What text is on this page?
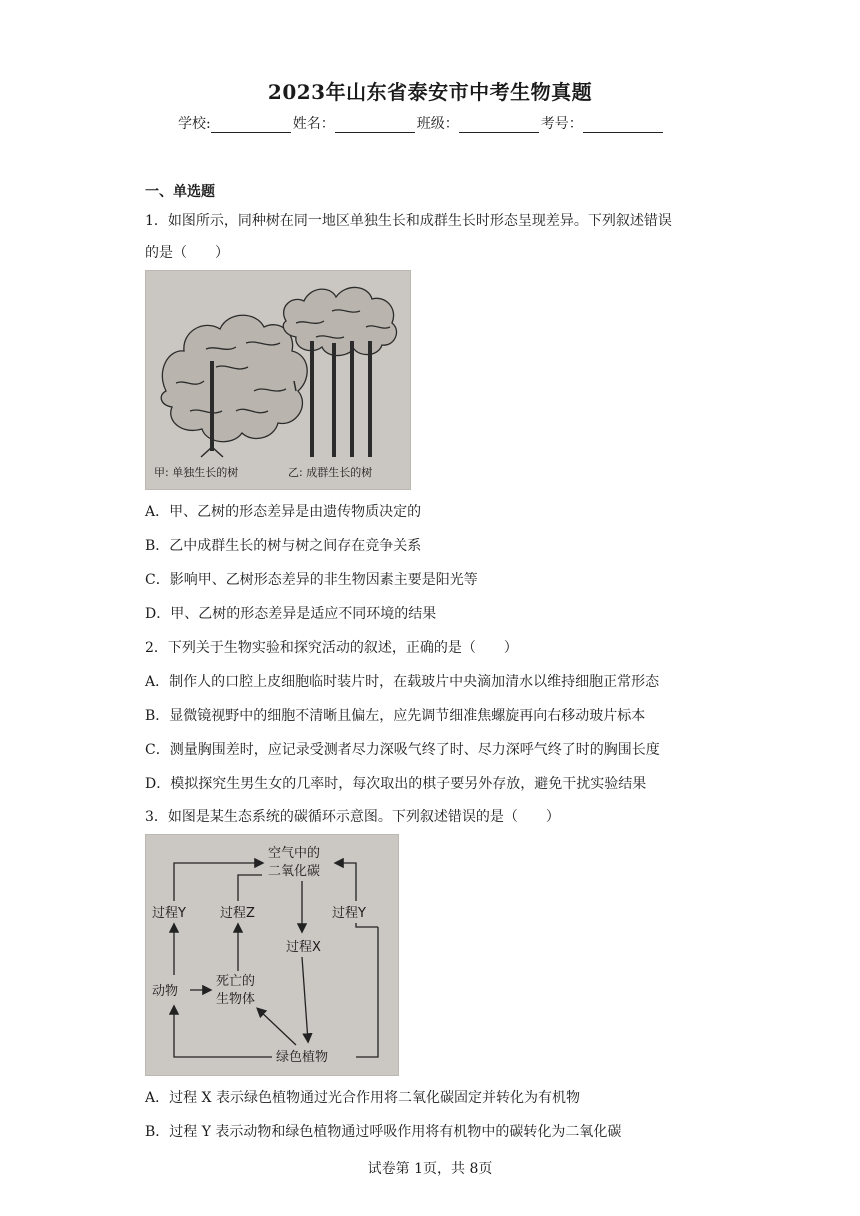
2023年山东省泰安市中考生物真题
学校:	姓名：	班级：	考号：
一、单选题
1．如图所示，同种树在同一地区单独生长和成群生长时形态呈现差异。下列叙述错误
的是（　　）
甲: 单独生长的树	乙: 成群生长的树
A．甲、乙树的形态差异是由遗传物质决定的
B．乙中成群生长的树与树之间存在竞争关系
C．影响甲、乙树形态差异的非生物因素主要是阳光等
D．甲、乙树的形态差异是适应不同环境的结果
2．下列关于生物实验和探究活动的叙述，正确的是（　　）
A．制作人的口腔上皮细胞临时装片时，在载玻片中央滴加清水以维持细胞正常形态
B．显微镜视野中的细胞不清晰且偏左，应先调节细准焦螺旋再向右移动玻片标本
C．测量胸围差时，应记录受测者尽力深吸气终了时、尽力深呼气终了时的胸围长度
D．模拟探究生男生女的几率时，每次取出的棋子要另外存放，避免干扰实验结果
3．如图是某生态系统的碳循环示意图。下列叙述错误的是（　　）
空气中的
二氧化碳
过程Y	过程Z	过程Y
过程X
动物
死亡的
生物体
绿色植物
A．过程 X 表示绿色植物通过光合作用将二氧化碳固定并转化为有机物
B．过程 Y 表示动物和绿色植物通过呼吸作用将有机物中的碳转化为二氧化碳
试卷第 1页，共 8页
